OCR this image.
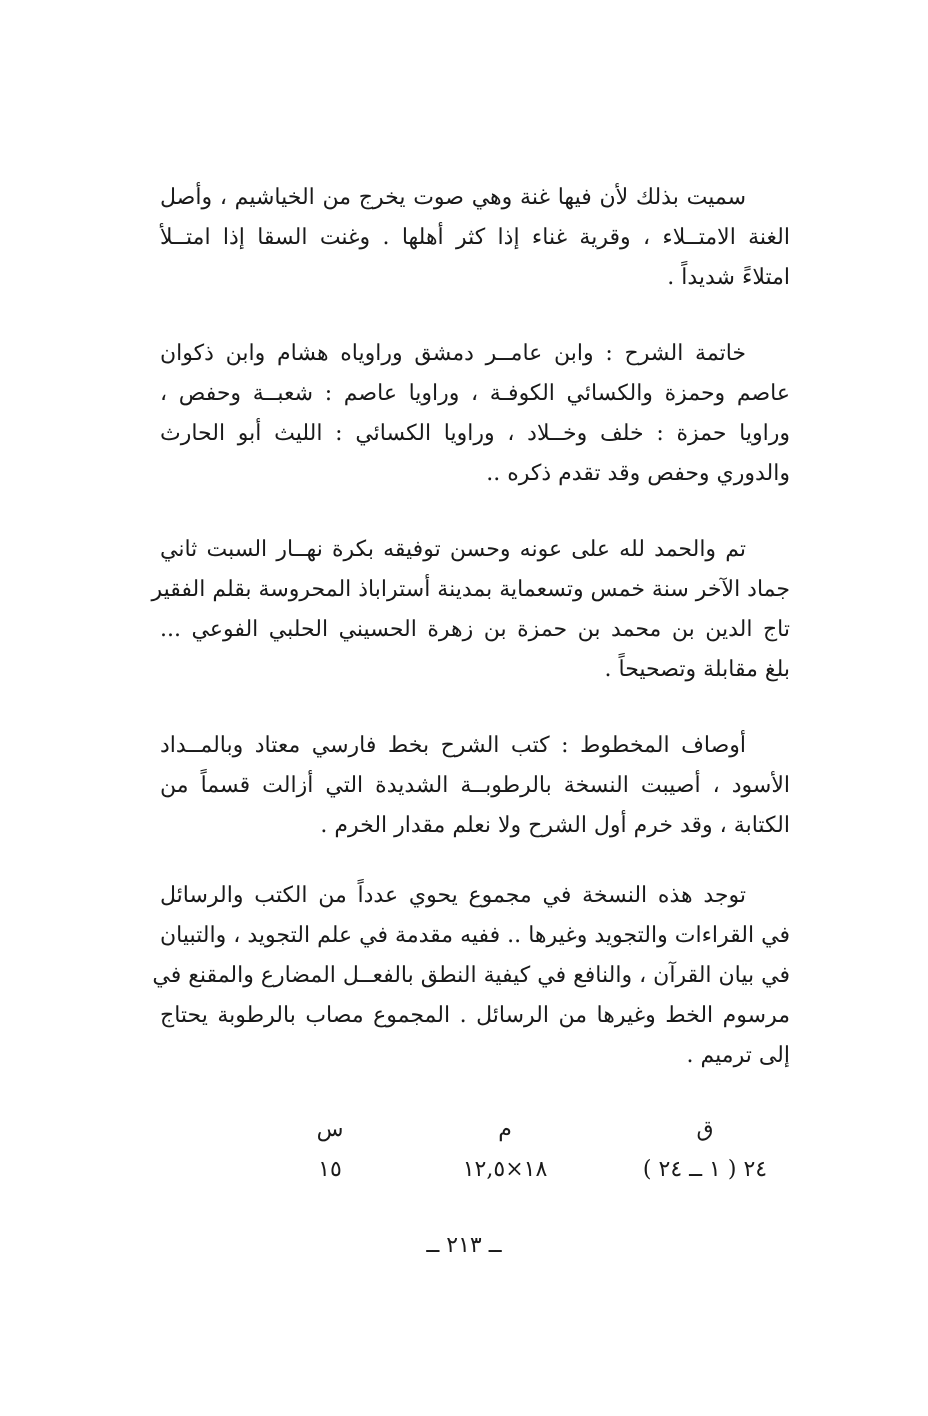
سميت بذلك لأن فيها غنة وهي صوت يخرج من الخياشيم ، وأصل
الغنة الامتــلاء ، وقرية غناء إذا كثر أهلها . وغنت السقا إذا امتــلأ
امتلاءً شديداً .

خاتمة الشرح : وابن عامــر دمشق وراوياه هشام وابن ذكوان
عاصم وحمزة والكسائي الكوفـة ، وراويا عاصم : شعبــة وحفص ،
وراويا حمزة : خلف وخــلاد ، وراويا الكسائي : الليث أبو الحارث
والدوري وحفص وقد تقدم ذكره ..

تم والحمد لله على عونه وحسن توفيقه بكرة نهــار السبت ثاني
جماد الآخر سنة خمس وتسعماية بمدينة أستراباذ المحروسة بقلم الفقير
تاج الدين بن محمد بن حمزة بن زهرة الحسيني الحلبي الفوعي ...
بلغ مقابلة وتصحيحاً .

أوصاف المخطوط : كتب الشرح بخط فارسي معتاد وبالمــداد
الأسود ، أصيبت النسخة بالرطوبــة الشديدة التي أزالت قسماً من
الكتابة ، وقد خرم أول الشرح ولا نعلم مقدار الخرم .

توجد هذه النسخة في مجموع يحوي عدداً من الكتب والرسائل
في القراءات والتجويد وغيرها .. ففيه مقدمة في علم التجويد ، والتبيان
في بيان القرآن ، والنافع في كيفية النطق بالفعــل المضارع والمقنع في
مرسوم الخط وغيرها من الرسائل . المجموع مصاب بالرطوبة يحتاج
إلى ترميم .

ق
٢٤ ( ١ ــ ٢٤ )
م
١٨×١٢,٥
س
١٥
ــ ٢١٣ ــ
